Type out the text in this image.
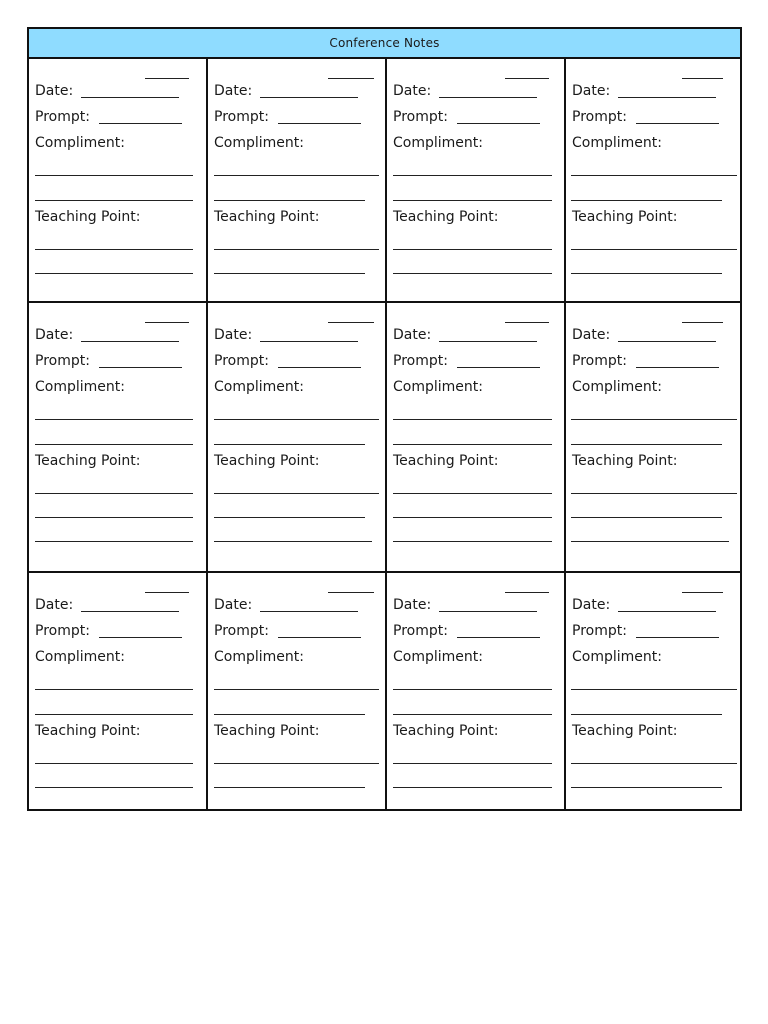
Conference Notes
Date:
Prompt:
Compliment:
Teaching Point:
Date:
Prompt:
Compliment:
Teaching Point:
Date:
Prompt:
Compliment:
Teaching Point:
Date:
Prompt:
Compliment:
Teaching Point:
Date:
Prompt:
Compliment:
Teaching Point:
Date:
Prompt:
Compliment:
Teaching Point:
Date:
Prompt:
Compliment:
Teaching Point:
Date:
Prompt:
Compliment:
Teaching Point:
Date:
Prompt:
Compliment:
Teaching Point:
Date:
Prompt:
Compliment:
Teaching Point:
Date:
Prompt:
Compliment:
Teaching Point:
Date:
Prompt:
Compliment:
Teaching Point:
